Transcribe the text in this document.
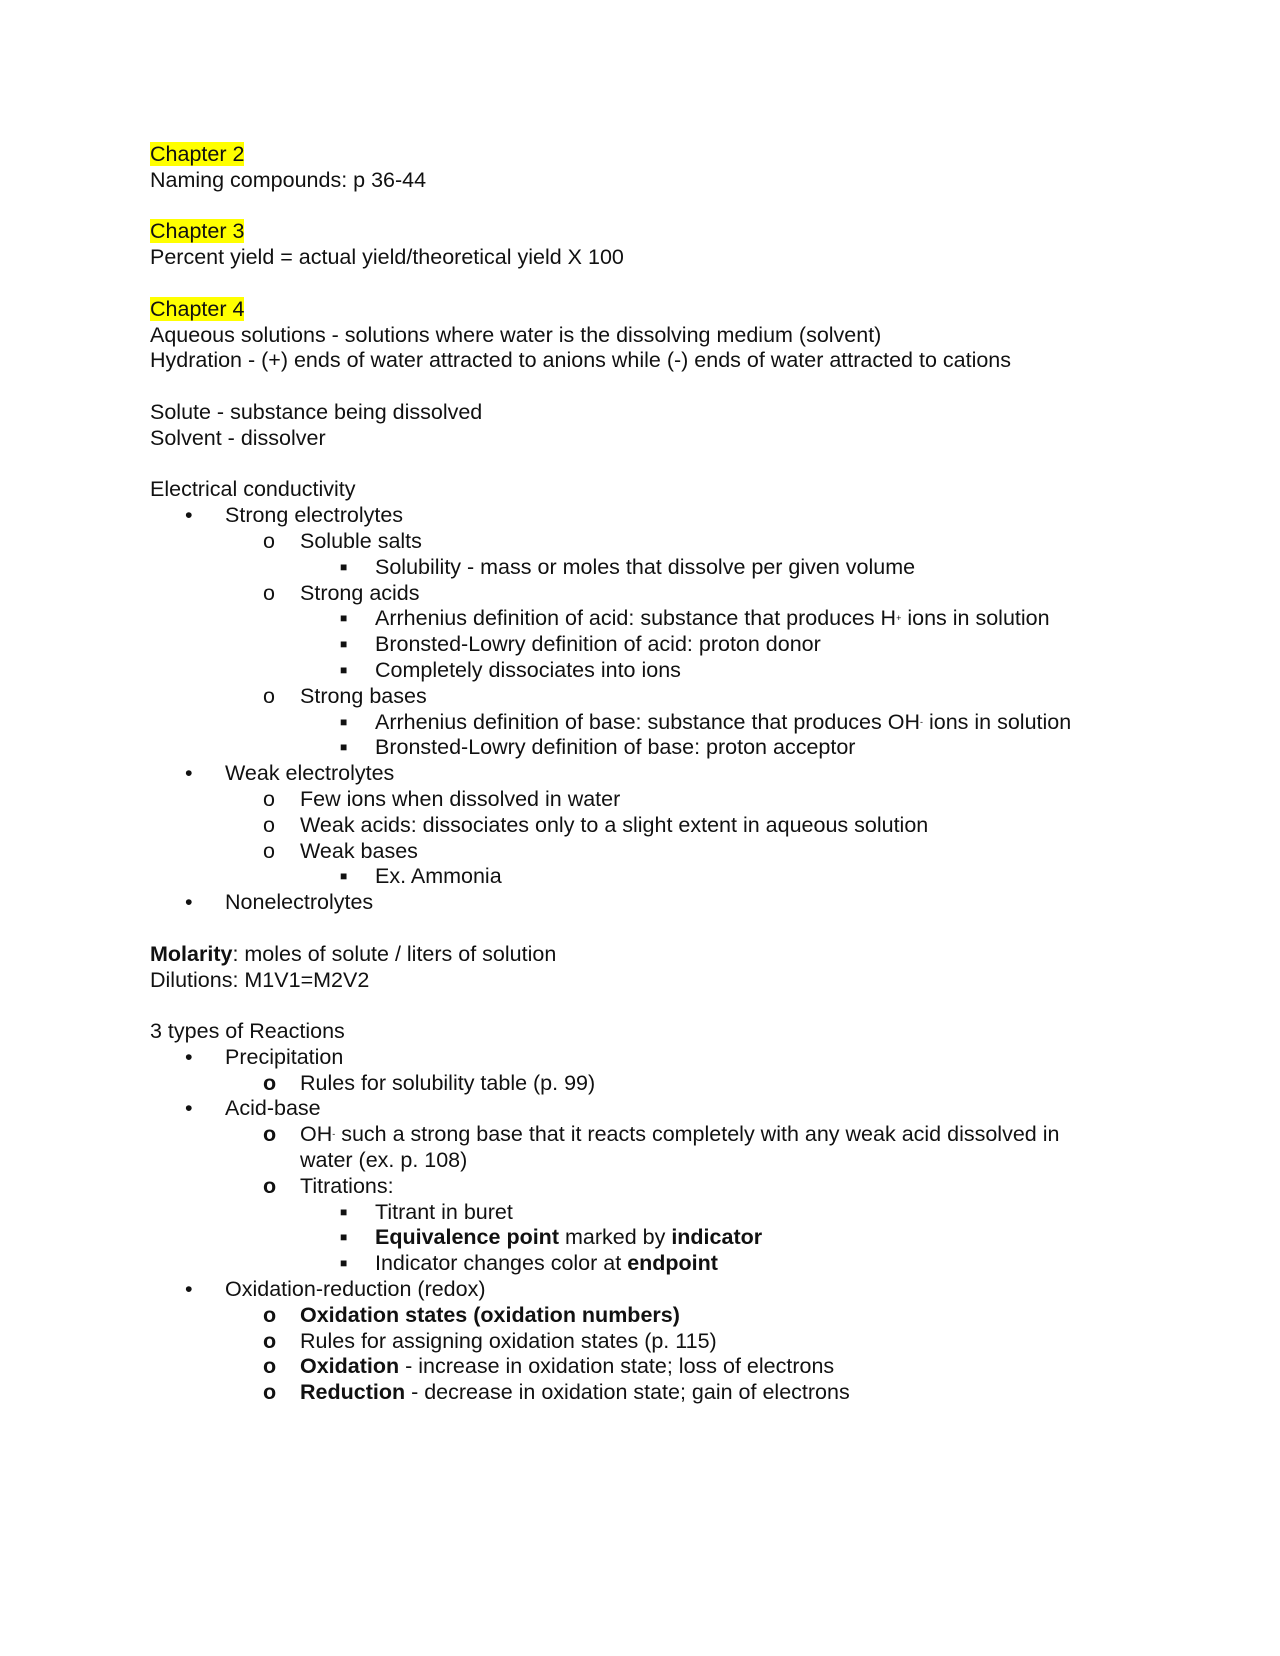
Chapter 2
Naming compounds: p 36-44
Chapter 3
Percent yield = actual yield/theoretical yield X 100
Chapter 4
Aqueous solutions - solutions where water is the dissolving medium (solvent)
Hydration - (+) ends of water attracted to anions while (-) ends of water attracted to cations
Solute - substance being dissolved
Solvent - dissolver
Electrical conductivity
• Strong electrolytes
o Soluble salts
■ Solubility - mass or moles that dissolve per given volume
o Strong acids
■ Arrhenius definition of acid: substance that produces H+ ions in solution
■ Bronsted-Lowry definition of acid: proton donor
■ Completely dissociates into ions
o Strong bases
■ Arrhenius definition of base: substance that produces OH- ions in solution
■ Bronsted-Lowry definition of base: proton acceptor
• Weak electrolytes
o Few ions when dissolved in water
o Weak acids: dissociates only to a slight extent in aqueous solution
o Weak bases
■ Ex. Ammonia
• Nonelectrolytes
Molarity: moles of solute / liters of solution
Dilutions: M1V1=M2V2
3 types of Reactions
• Precipitation
o Rules for solubility table (p. 99)
• Acid-base
o OH- such a strong base that it reacts completely with any weak acid dissolved in
water (ex. p. 108)
o Titrations:
■ Titrant in buret
■ Equivalence point marked by indicator
■ Indicator changes color at endpoint
• Oxidation-reduction (redox)
o Oxidation states (oxidation numbers)
o Rules for assigning oxidation states (p. 115)
o Oxidation - increase in oxidation state; loss of electrons
o Reduction - decrease in oxidation state; gain of electrons
